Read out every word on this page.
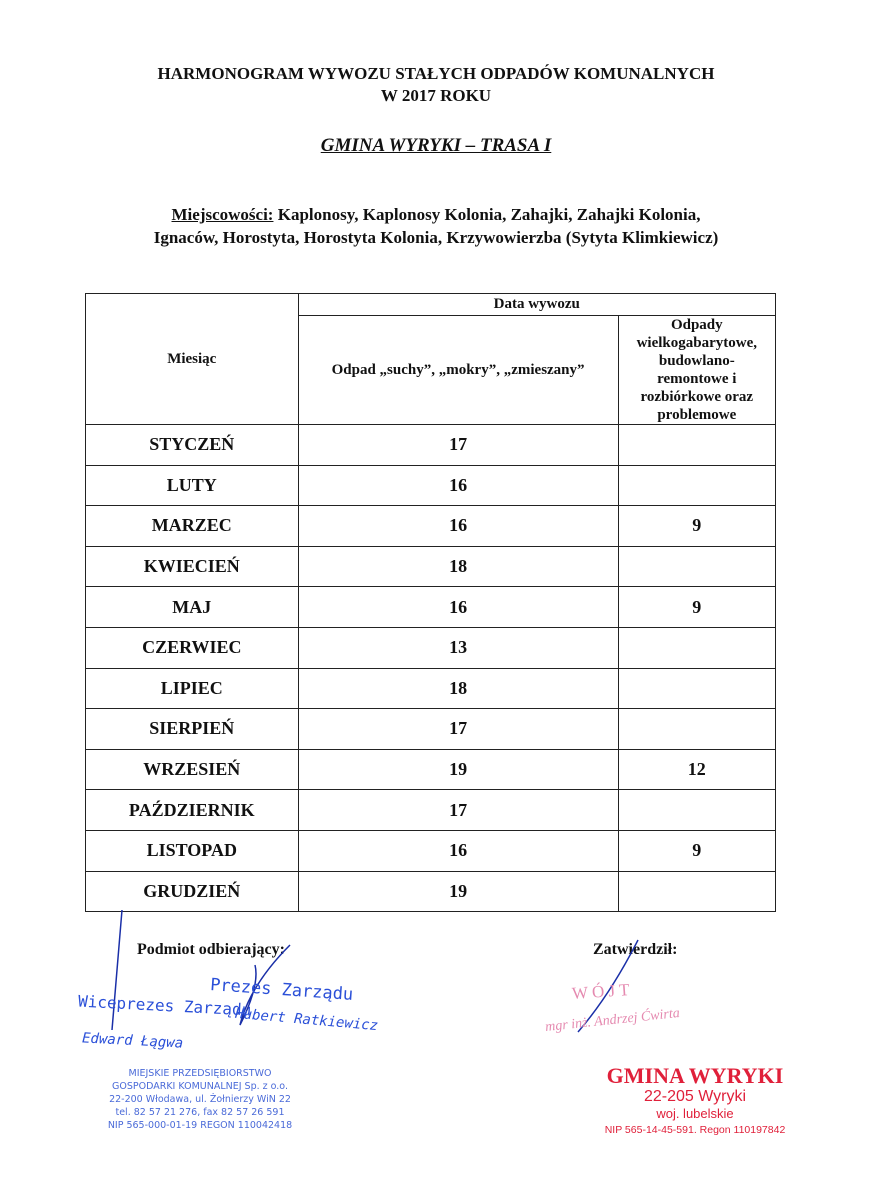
HARMONOGRAM WYWOZU STAŁYCH ODPADÓW KOMUNALNYCH
W 2017 ROKU
GMINA WYRYKI – TRASA I
Miejscowości: Kaplonosy, Kaplonosy Kolonia, Zahajki, Zahajki Kolonia,
Ignaców, Horostyta, Horostyta Kolonia, Krzywowierzba (Sytyta Klimkiewicz)
Miesiąc	Data wywozu	
	Odpad „suchy”, „mokry”, „zmieszany”	Odpady wielkogabarytowe, budowlano-remontowe i rozbiórkowe oraz problemowe
STYCZEŃ	17	
LUTY	16	
MARZEC	16	9
KWIECIEŃ	18	
MAJ	16	9
CZERWIEC	13	
LIPIEC	18	
SIERPIEŃ	17	
WRZESIEŃ	19	12
PAŹDZIERNIK	17	
LISTOPAD	16	9
GRUDZIEŃ	19	
Podmiot odbierający:
Prezes Zarządu
Hubert Ratkiewicz
Wiceprezes Zarządu
Edward Łągwa
MIEJSKIE PRZEDSIĘBIORSTWO
GOSPODARKI KOMUNALNEJ Sp. z o.o.
22-200 Włodawa, ul. Żołnierzy WiN 22
tel. 82 57 21 276, fax 82 57 26 591
NIP 565-000-01-19 REGON 110042418
Zatwierdził:
W Ó J T
mgr inż. Andrzej Ćwirta
GMINA WYRYKI
22-205 Wyryki
woj. lubelskie
NIP 565-14-45-591. Regon 110197842
